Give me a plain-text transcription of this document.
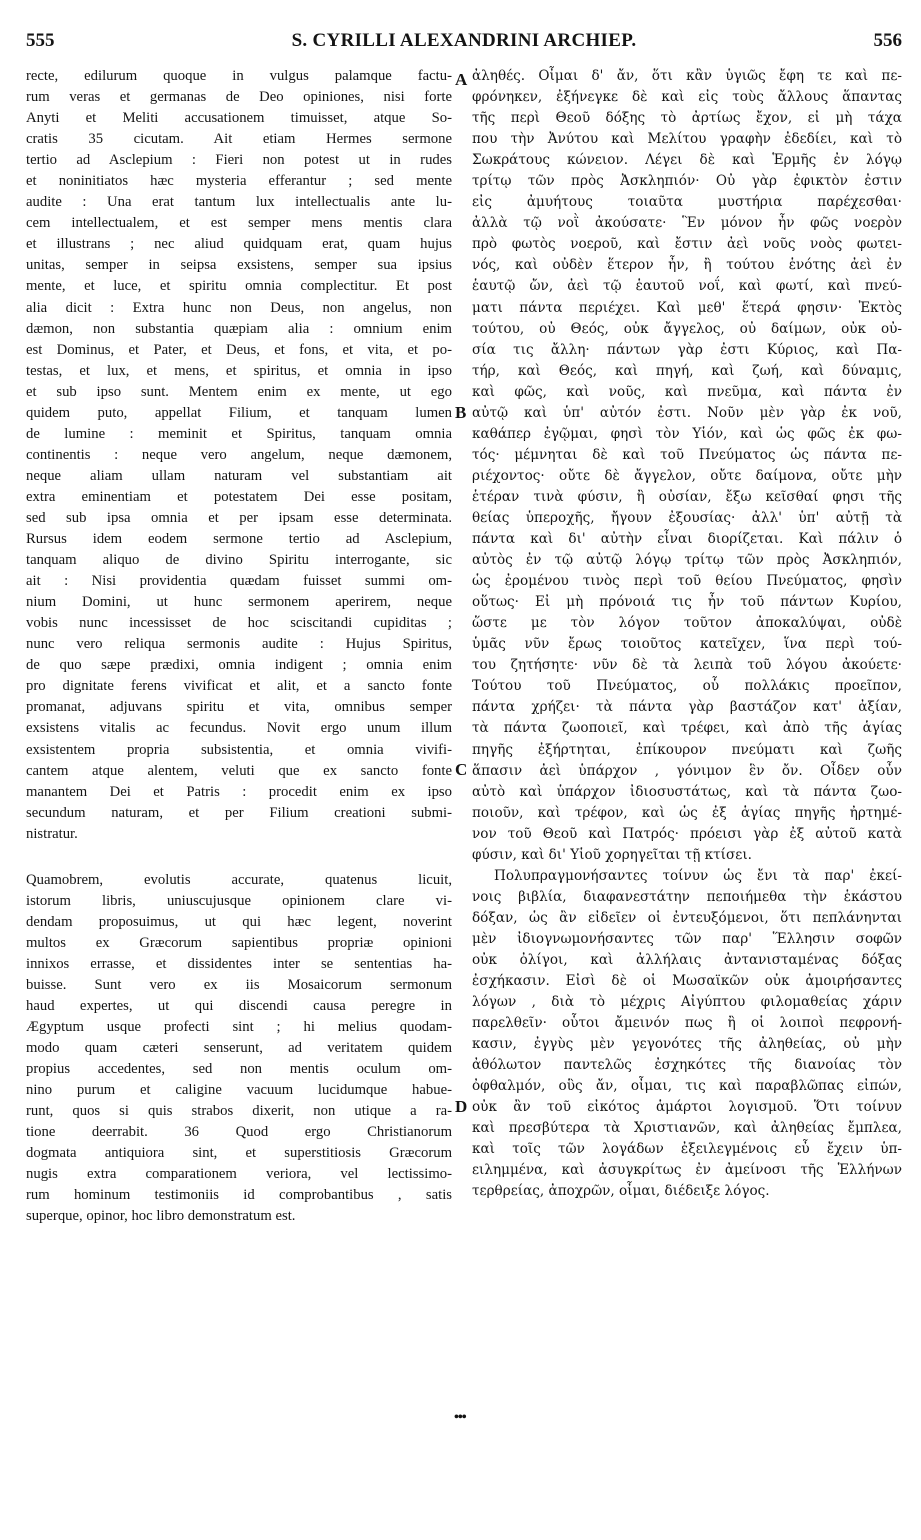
555	S. CYRILLI ALEXANDRINI ARCHIEP.	556
A
B
C
D
recte, edilurum quoque in vulgus palamque factu-
rum veras et germanas de Deo opiniones, nisi forte
Anyti et Meliti accusationem timuisset, atque So-
cratis 35 cicutam. Ait etiam Hermes sermone
tertio ad Asclepium : Fieri non potest ut in rudes
et noninitiatos hæc mysteria efferantur ; sed mente
audite : Una erat tantum lux intellectualis ante lu-
cem intellectualem, et est semper mens mentis clara
et illustrans ; nec aliud quidquam erat, quam hujus
unitas, semper in seipsa exsistens, semper sua ipsius
mente, et luce, et spiritu omnia complectitur. Et post
alia dicit : Extra hunc non Deus, non angelus, non
dæmon, non substantia quæpiam alia : omnium enim
est Dominus, et Pater, et Deus, et fons, et vita, et po-
testas, et lux, et mens, et spiritus, et omnia in ipso
et sub ipso sunt. Mentem enim ex mente, ut ego
quidem puto, appellat Filium, et tanquam lumen
de lumine : meminit et Spiritus, tanquam omnia
continentis : neque vero angelum, neque dæmonem,
neque aliam ullam naturam vel substantiam ait
extra eminentiam et potestatem Dei esse positam,
sed sub ipsa omnia et per ipsam esse determinata.
Rursus idem eodem sermone tertio ad Asclepium,
tanquam aliquo de divino Spiritu interrogante, sic
ait : Nisi providentia quædam fuisset summi om-
nium Domini, ut hunc sermonem aperirem, neque
vobis nunc incessisset de hoc sciscitandi cupiditas ;
nunc vero reliqua sermonis audite : Hujus Spiritus,
de quo sæpe prædixi, omnia indigent ; omnia enim
pro dignitate ferens vivificat et alit, et a sancto fonte
promanat, adjuvans spiritu et vita, omnibus semper
exsistens vitalis ac fecundus. Novit ergo unum illum
exsistentem propria subsistentia, et omnia vivifi-
cantem atque alentem, veluti que ex sancto fonte
manantem Dei et Patris : procedit enim ex ipso
secundum naturam, et per Filium creationi submi-
nistratur.
Quamobrem, evolutis accurate, quatenus licuit,
istorum libris, uniuscujusque opinionem clare vi-
dendam proposuimus, ut qui hæc legent, noverint
multos ex Græcorum sapientibus propriæ opinioni
innixos errasse, et dissidentes inter se sententias ha-
buisse. Sunt vero ex iis Mosaicorum sermonum
haud expertes, ut qui discendi causa peregre in
Ægyptum usque profecti sint ; hi melius quodam-
modo quam cæteri senserunt, ad veritatem quidem
propius accedentes, sed non mentis oculum om-
nino purum et caligine vacuum lucidumque habue-
runt, quos si quis strabos dixerit, non utique a ra-
tione deerrabit. 36 Quod ergo Christianorum
dogmata antiquiora sint, et superstitiosis Græcorum
nugis extra comparationem veriora, vel lectissimo-
rum hominum testimoniis id comprobantibus , satis
superque, opinor, hoc libro demonstratum est.
ἀληθές. Οἶμαι δ' ἄν, ὅτι κἂν ὑγιῶς ἔφη τε καὶ πε-
φρόνηκεν, ἐξήνεγκε δὲ καὶ εἰς τοὺς ἄλλους ἅπαντας
τῆς περὶ Θεοῦ δόξης τὸ ἀρτίως ἔχον, εἰ μὴ τάχα
που τὴν Ἀνύτου καὶ Μελίτου γραφὴν ἐδεδίει, καὶ τὸ
Σωκράτους κώνειον. Λέγει δὲ καὶ Ἑρμῆς ἐν λόγῳ
τρίτῳ τῶν πρὸς Ἀσκληπιόν· Οὐ γὰρ ἐφικτὸν ἐστιν
εἰς ἀμυήτους τοιαῦτα μυστήρια παρέχεσθαι·
ἀλλὰ τῷ νοῒ ἀκούσατε· Ἓν μόνον ἦν φῶς νοερὸν
πρὸ φωτὸς νοεροῦ, καὶ ἔστιν ἀεὶ νοῦς νοὸς φωτει-
νός, καὶ οὐδὲν ἕτερον ἦν, ἢ τούτου ἑνότης ἀεὶ ἐν
ἑαυτῷ ὤν, ἀεὶ τῷ ἑαυτοῦ νοΐ, καὶ φωτί, καὶ πνεύ-
ματι πάντα περιέχει. Καὶ μεθ' ἕτερά φησιν· Ἐκτὸς
τούτου, οὐ Θεός, οὐκ ἄγγελος, οὐ δαίμων, οὐκ οὐ-
σία τις ἄλλη· πάντων γὰρ ἐστι Κύριος, καὶ Πα-
τήρ, καὶ Θεός, καὶ πηγή, καὶ ζωή, καὶ δύναμις,
καὶ φῶς, καὶ νοῦς, καὶ πνεῦμα, καὶ πάντα ἐν
αὐτῷ καὶ ὑπ' αὐτόν ἐστι. Νοῦν μὲν γὰρ ἐκ νοῦ,
καθάπερ ἐγῷμαι, φησὶ τὸν Υἱόν, καὶ ὡς φῶς ἐκ φω-
τός· μέμνηται δὲ καὶ τοῦ Πνεύματος ὡς πάντα πε-
ριέχοντος· οὔτε δὲ ἄγγελον, οὔτε δαίμονα, οὔτε μὴν
ἑτέραν τινὰ φύσιν, ἢ οὐσίαν, ἔξω κεῖσθαί φησι τῆς
θείας ὑπεροχῆς, ἤγουν ἐξουσίας· ἀλλ' ὑπ' αὐτῇ τὰ
πάντα καὶ δι' αὐτὴν εἶναι διορίζεται. Καὶ πάλιν ὁ
αὐτὸς ἐν τῷ αὐτῷ λόγῳ τρίτῳ τῶν πρὸς Ἀσκληπιόν,
ὡς ἐρομένου τινὸς περὶ τοῦ θείου Πνεύματος, φησὶν
οὕτως· Εἰ μὴ πρόνοιά τις ἦν τοῦ πάντων Κυρίου,
ὥστε με τὸν λόγον τοῦτον ἀποκαλύψαι, οὐδὲ
ὑμᾶς νῦν ἔρως τοιοῦτος κατεῖχεν, ἵνα περὶ τού-
του ζητήσητε· νῦν δὲ τὰ λειπὰ τοῦ λόγου ἀκούετε·
Τούτου τοῦ Πνεύματος, οὗ πολλάκις προεῖπον,
πάντα χρήζει· τὰ πάντα γὰρ βαστάζον κατ' ἀξίαν,
τὰ πάντα ζωοποιεῖ, καὶ τρέφει, καὶ ἀπὸ τῆς ἁγίας
πηγῆς ἐξήρτηται, ἐπίκουρον πνεύματι καὶ ζωῆς
ἅπασιν ἀεὶ ὑπάρχον , γόνιμον ἓν ὄν. Οἶδεν οὖν
αὐτὸ καὶ ὑπάρχον ἰδιοσυστάτως, καὶ τὰ πάντα ζωο-
ποιοῦν, καὶ τρέφον, καὶ ὡς ἐξ ἁγίας πηγῆς ἠρτημέ-
νον τοῦ Θεοῦ καὶ Πατρός· πρόεισι γὰρ ἐξ αὐτοῦ κατὰ
φύσιν, καὶ δι' Υἱοῦ χορηγεῖται τῇ κτίσει.
Πολυπραγμονήσαντες τοίνυν ὡς ἔνι τὰ παρ' ἐκεί-
νοις βιβλία, διαφανεστάτην πεποιήμεθα τὴν ἑκάστου
δόξαν, ὡς ἂν εἰδεῖεν οἱ ἐντευξόμενοι, ὅτι πεπλάνηνται
μὲν ἰδιογνωμονήσαντες τῶν παρ' Ἕλλησιν σοφῶν
οὐκ ὀλίγοι, καὶ ἀλλήλαις ἀντανισταμένας δόξας
ἐσχήκασιν. Εἰσὶ δὲ οἱ Μωσαϊκῶν οὐκ ἀμοιρήσαντες
λόγων , διὰ τὸ μέχρις Αἰγύπτου φιλομαθείας χάριν
παρελθεῖν· οὗτοι ἄμεινόν πως ἢ οἱ λοιποὶ πεφρονή-
κασιν, ἐγγὺς μὲν γεγονότες τῆς ἀληθείας, οὐ μὴν
ἀθόλωτον παντελῶς ἐσχηκότες τῆς διανοίας τὸν
ὀφθαλμόν, οὓς ἄν, οἶμαι, τις καὶ παραβλῶπας εἰπών,
οὐκ ἂν τοῦ εἰκότος ἁμάρτοι λογισμοῦ. Ὅτι τοίνυν
καὶ πρεσβύτερα τὰ Χριστιανῶν, καὶ ἀληθείας ἔμπλεα,
καὶ τοῖς τῶν λογάδων ἐξειλεγμένοις εὖ ἔχειν ὑπ-
ειλημμένα, καὶ ἀσυγκρίτως ἐν ἀμείνοσι τῆς Ἑλλήνων
τερθρείας, ἀποχρῶν, οἶμαι, διέδειξε λόγος.
•••
